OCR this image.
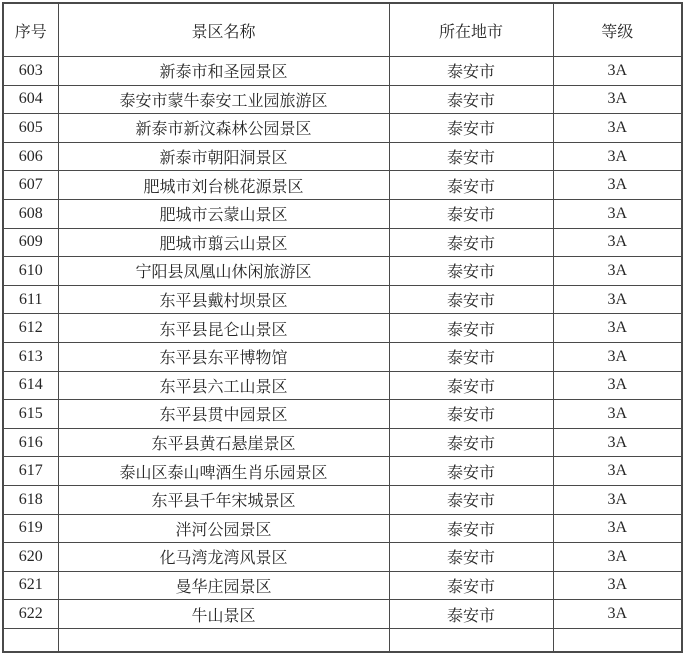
序号	景区名称	所在地市	等级
603	新泰市和圣园景区	泰安市	3A
604	泰安市蒙牛泰安工业园旅游区	泰安市	3A
605	新泰市新汶森林公园景区	泰安市	3A
606	新泰市朝阳洞景区	泰安市	3A
607	肥城市刘台桃花源景区	泰安市	3A
608	肥城市云蒙山景区	泰安市	3A
609	肥城市翦云山景区	泰安市	3A
610	宁阳县凤凰山休闲旅游区	泰安市	3A
611	东平县戴村坝景区	泰安市	3A
612	东平县昆仑山景区	泰安市	3A
613	东平县东平博物馆	泰安市	3A
614	东平县六工山景区	泰安市	3A
615	东平县贯中园景区	泰安市	3A
616	东平县黄石悬崖景区	泰安市	3A
617	泰山区泰山啤酒生肖乐园景区	泰安市	3A
618	东平县千年宋城景区	泰安市	3A
619	泮河公园景区	泰安市	3A
620	化马湾龙湾风景区	泰安市	3A
621	曼华庄园景区	泰安市	3A
622	牛山景区	泰安市	3A
